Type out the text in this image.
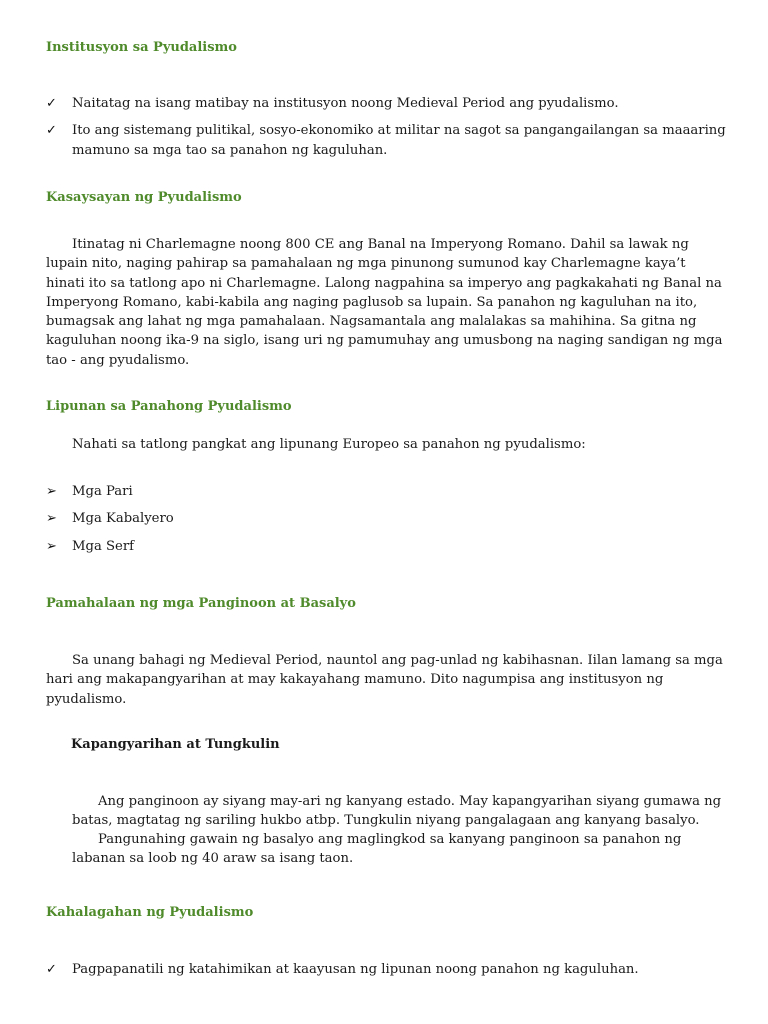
Institusyon sa Pyudalismo
✓	Naitatag na isang matibay na institusyon noong Medieval Period ang pyudalismo.
✓	Ito ang sistemang pulitikal, sosyo-ekonomiko at militar na sagot sa pangangailangan sa maaaring mamuno sa mga tao sa panahon ng kaguluhan.
Kasaysayan ng Pyudalismo

Itinatag ni Charlemagne noong 800 CE ang Banal na Imperyong Romano. Dahil sa lawak ng lupain nito, naging pahirap sa pamahalaan ng mga pinunong sumunod kay Charlemagne kaya’t hinati ito sa tatlong apo ni Charlemagne. Lalong nagpahina sa imperyo ang pagkakahati ng Banal na Imperyong Romano, kabi-kabila ang naging paglusob sa lupain. Sa panahon ng kaguluhan na ito, bumagsak ang lahat ng mga pamahalaan. Nagsamantala ang malalakas sa mahihina. Sa gitna ng kaguluhan noong ika-9 na siglo, isang uri ng pamumuhay ang umusbong na naging sandigan ng mga tao - ang pyudalismo.

Lipunan sa Panahong Pyudalismo

Nahati sa tatlong pangkat ang lipunang Europeo sa panahon ng pyudalismo:

➢	Mga Pari
➢	Mga Kabalyero
➢	Mga Serf
Pamahalaan ng mga Panginoon at Basalyo

Sa unang bahagi ng Medieval Period, nauntol ang pag-unlad ng kabihasnan. Iilan lamang sa mga hari ang makapangyarihan at may kakayahang mamuno. Dito nagumpisa ang institusyon ng pyudalismo.

Kapangyarihan at Tungkulin

Ang panginoon ay siyang may-ari ng kanyang estado. May kapangyarihan siyang gumawa ng batas, magtatag ng sariling hukbo atbp. Tungkulin niyang pangalagaan ang kanyang basalyo.

Pangunahing gawain ng basalyo ang maglingkod sa kanyang panginoon sa panahon ng labanan sa loob ng 40 araw sa isang taon.

Kahalagahan ng Pyudalismo
✓	Pagpapanatili ng katahimikan at kaayusan ng lipunan noong panahon ng kaguluhan.
